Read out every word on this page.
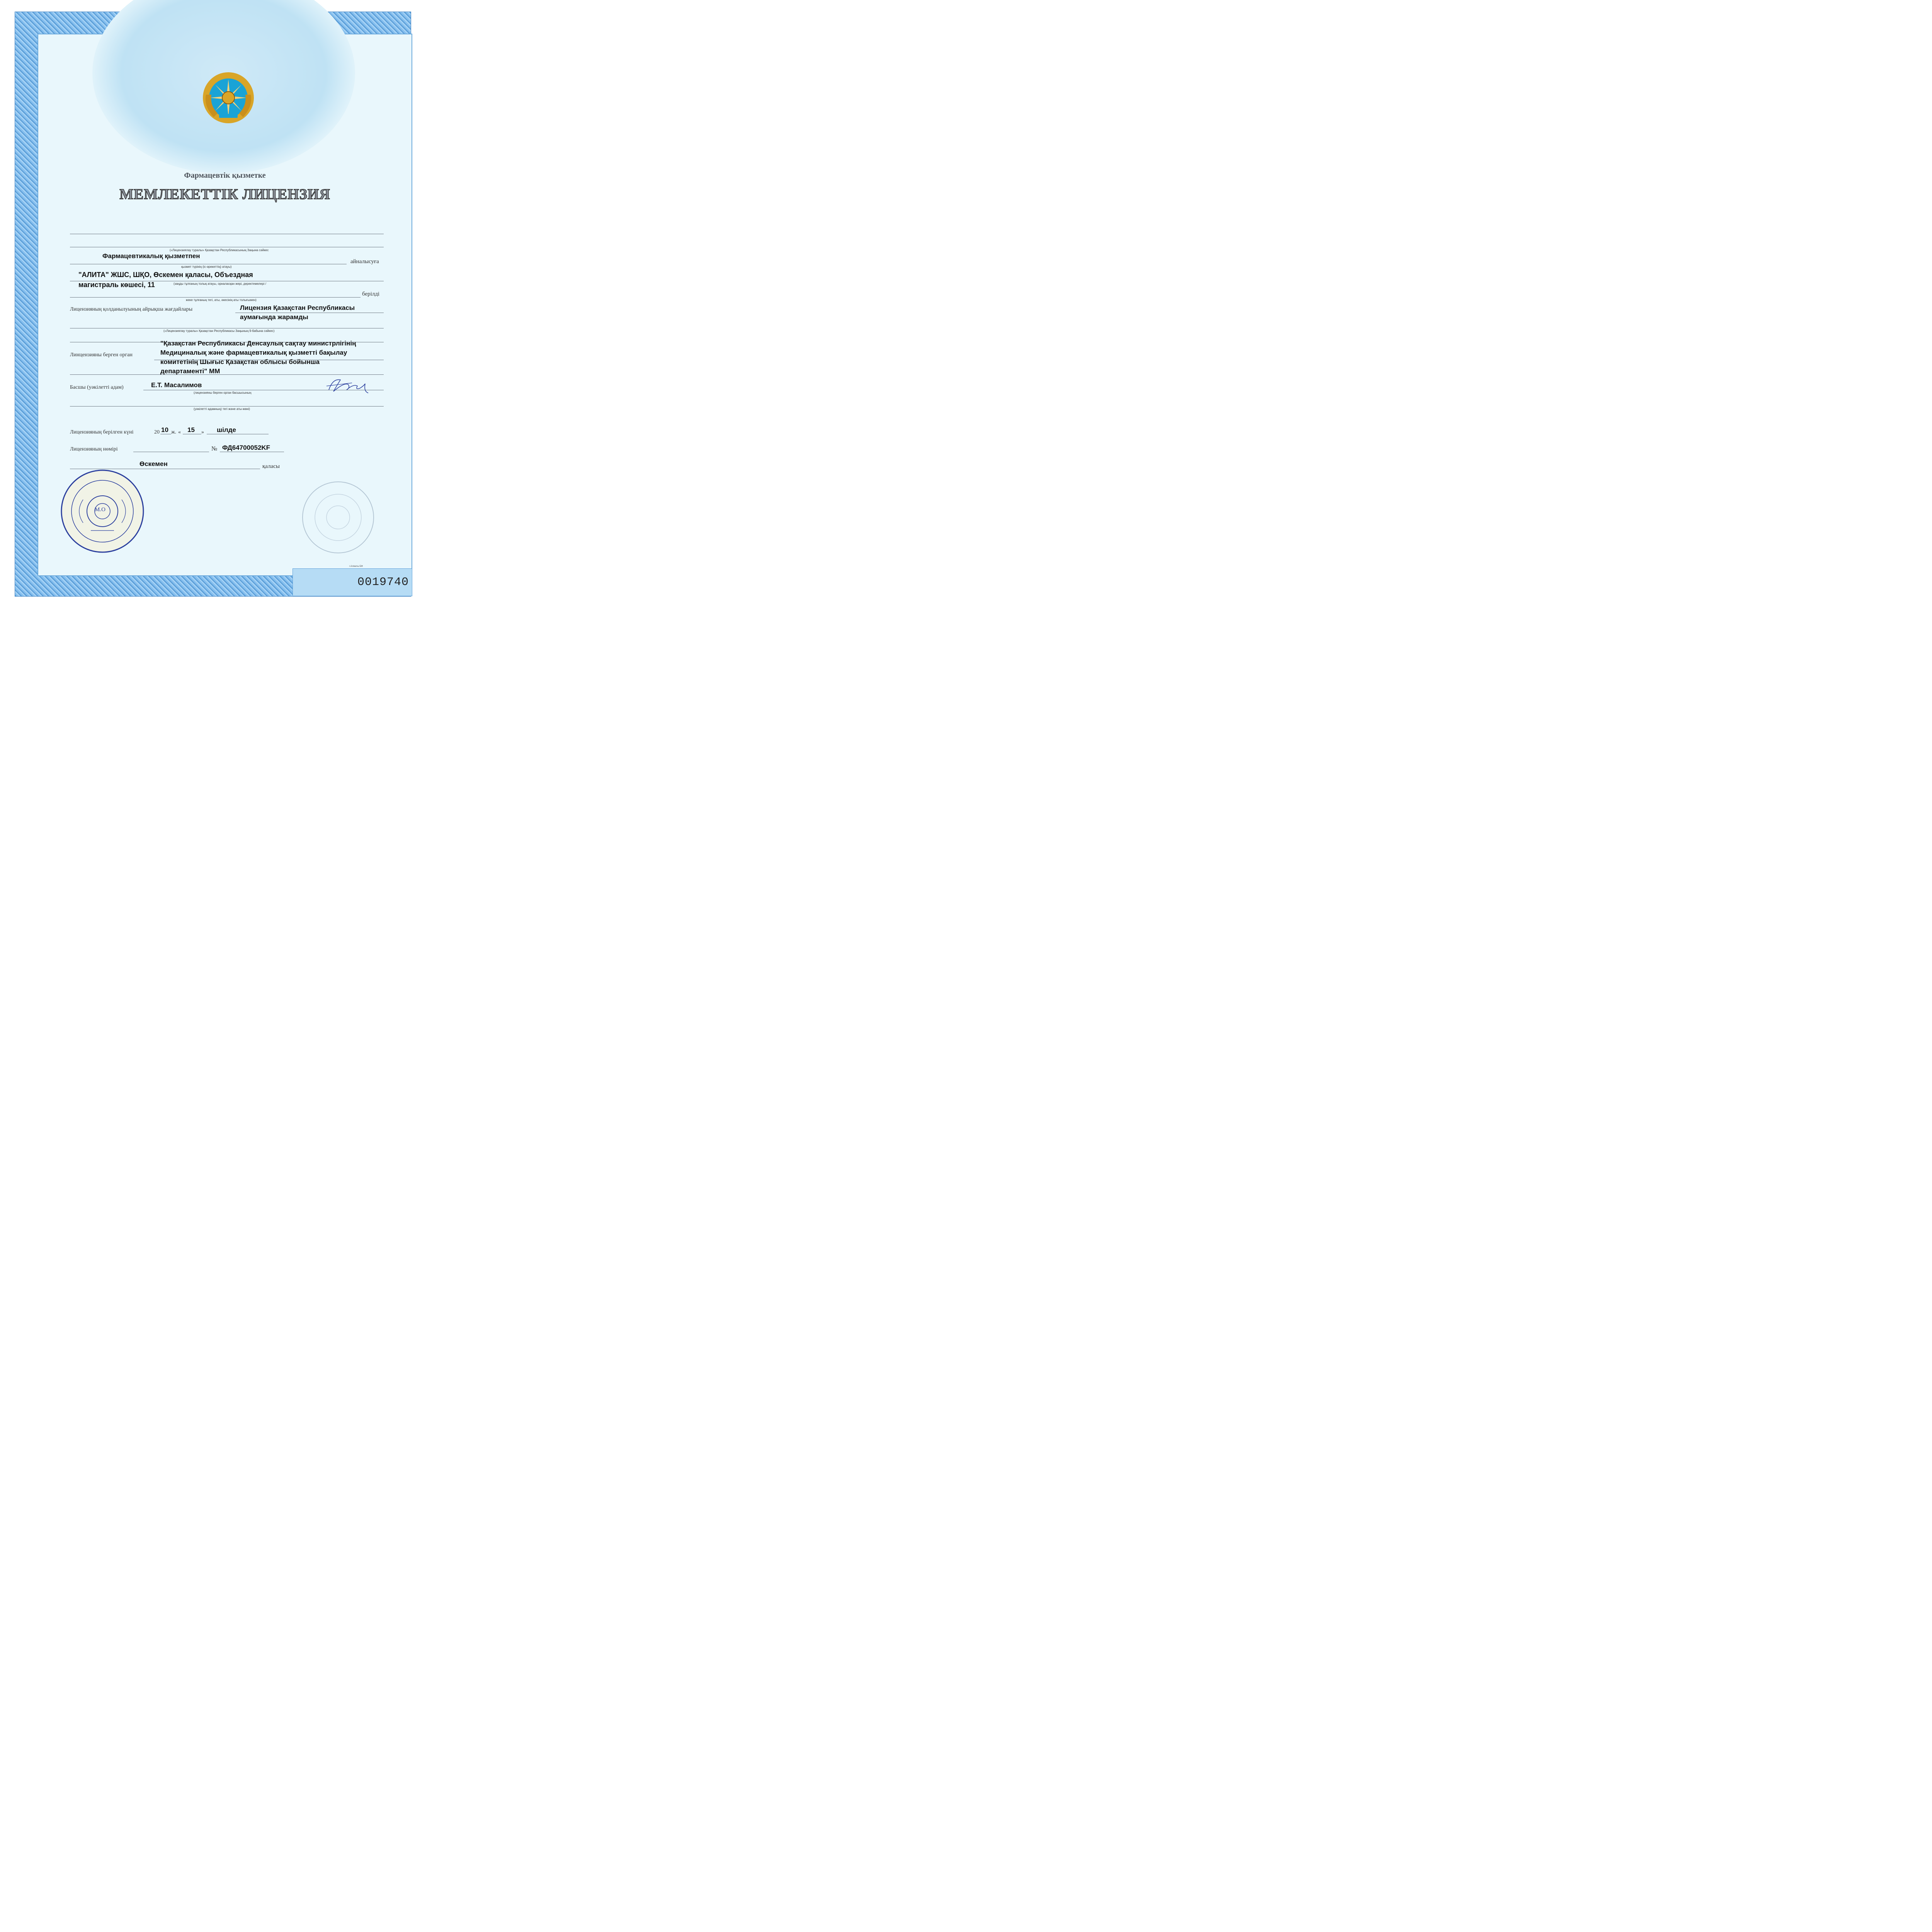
Фармацевтік қызметке
МЕМЛЕКЕТТІК ЛИЦЕНЗИЯ
(«Лицензиялау туралы» Қазақстан Республикасының Заңына сәйкес
Фармацевтикалық қызметпен
айналысуға
қызмет түрінің (іс-әрекеттің) атауы)
"АЛИТА" ЖШС, ШҚО, Өскемен қаласы, Объездная
магистраль көшесі, 11	(заңды тұлғаның толық атауы, орналасқан жері, деректемелері /
берілді
жеке тұлғаның тегі, аты, әкесінің аты толығымен)
Лицензияның қолданылуының айрықша жағдайлары	Лицензия Қазақстан Республикасы
аумағында жарамды
(«Лицензиялау туралы» Қазақстан Республикасы Заңының 9-бабына сәйкес)
"Қазақстан Республикасы Денсаулық сақтау министрлігінің
Линцензияны берген орган	Медициналық және фармацевтикалық қызметті бақылау
комитетінің Шығыс Қазақстан облысы бойынша
департаменті" ММ
Басшы (уәкілетті адам)	Е.Т. Масалимов
(лицензияны берген орган басшысының
(уәкілетті адамның) тегі және аты-жөні)
Лицензияның берілген күні	20 10 ж. « 15 » шілде
Лицензияның нөмірі	№ ФД64700052KF
Өскемен	қаласы
М.О
г.Алматы БФ
0019740
